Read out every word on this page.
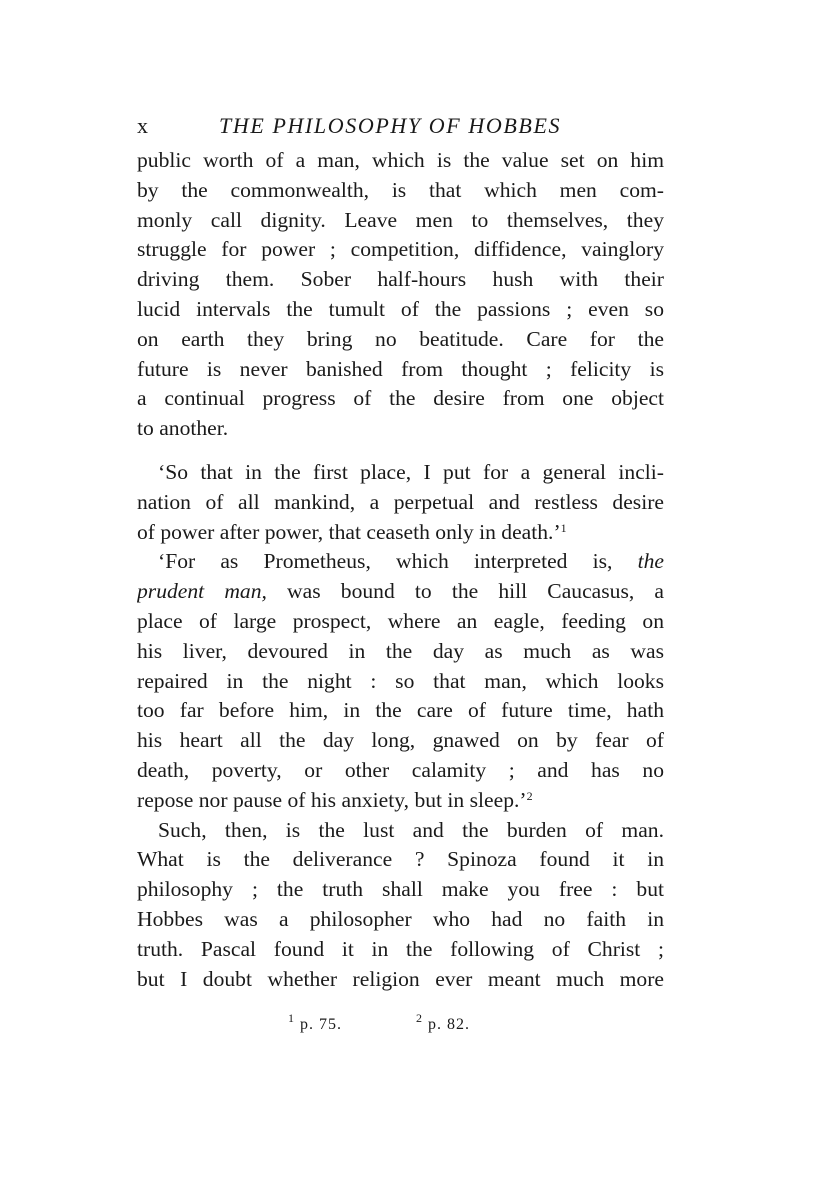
x	THE PHILOSOPHY OF HOBBES
public worth of a man, which is the value set on him
by the commonwealth, is that which men com-
monly call dignity. Leave men to themselves, they
struggle for power ; competition, diffidence, vainglory
driving them. Sober half-hours hush with their
lucid intervals the tumult of the passions ; even so
on earth they bring no beatitude. Care for the
future is never banished from thought ; felicity is
a continual progress of the desire from one object
to another.
‘So that in the first place, I put for a general incli-
nation of all mankind, a perpetual and restless desire
of power after power, that ceaseth only in death.’$^1$
‘For as Prometheus, which interpreted is, the
prudent man, was bound to the hill Caucasus, a
place of large prospect, where an eagle, feeding on
his liver, devoured in the day as much as was
repaired in the night : so that man, which looks
too far before him, in the care of future time, hath
his heart all the day long, gnawed on by fear of
death, poverty, or other calamity ; and has no
repose nor pause of his anxiety, but in sleep.’$^2$
Such, then, is the lust and the burden of man.
What is the deliverance ? Spinoza found it in
philosophy ; the truth shall make you free : but
Hobbes was a philosopher who had no faith in
truth. Pascal found it in the following of Christ ;
but I doubt whether religion ever meant much more
$^1$ p. 75.	$^2$ p. 82.
